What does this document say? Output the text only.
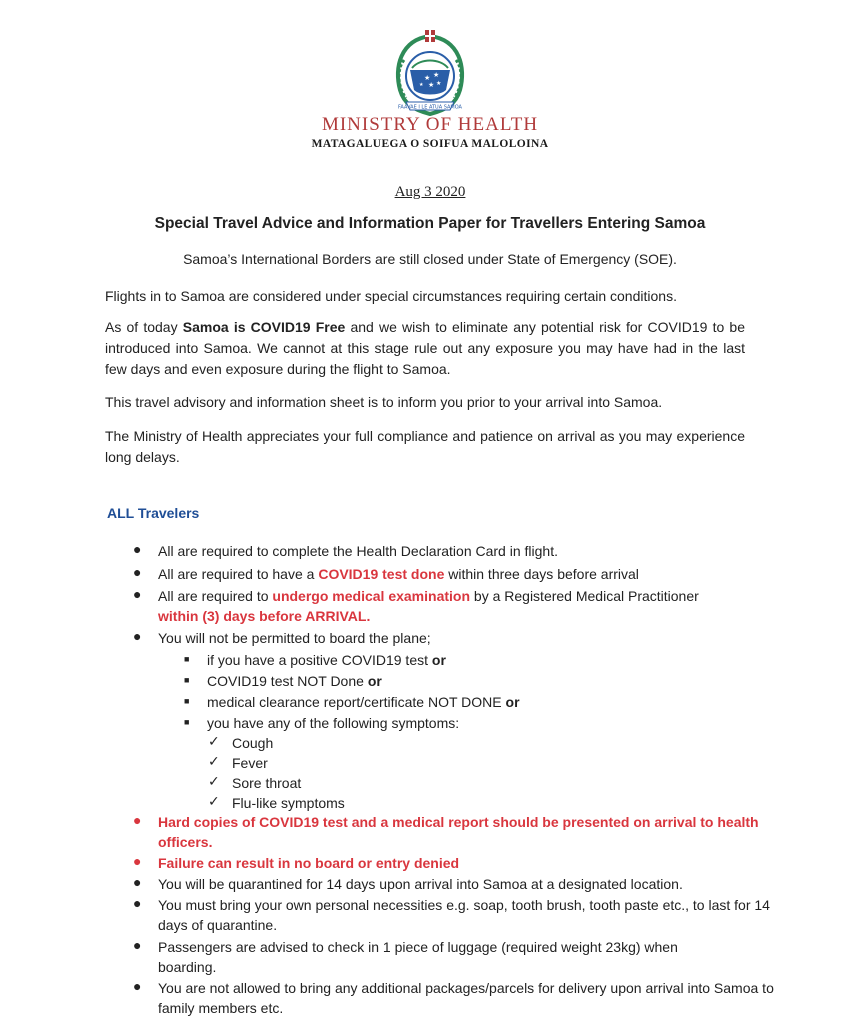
★ ★
★ ★
★
FAAVAE I LE ATUA SAMOA
MINISTRY OF HEALTH
MATAGALUEGA O SOIFUA MALOLOINA
Aug 3 2020
Special Travel Advice and Information Paper for Travellers Entering Samoa
Samoa’s International Borders are still closed under State of Emergency (SOE).

Flights in to Samoa are considered under special circumstances requiring certain conditions.

As of today Samoa is COVID19 Free and we wish to eliminate any potential risk for COVID19 to be introduced into Samoa. We cannot at this stage rule out any exposure you may have had in the last few days and even exposure during the flight to Samoa.

This travel advisory and information sheet is to inform you prior to your arrival into Samoa.

The Ministry of Health appreciates your full compliance and patience on arrival as you may experience long delays.

ALL Travelers
● All are required to complete the Health Declaration Card in flight.
● All are required to have a COVID19 test done within three days before arrival
● All are required to undergo medical examination by a Registered Medical Practitioner
within (3) days before ARRIVAL.
● You will not be permitted to board the plane;
■ if you have a positive COVID19 test or
■ COVID19 test NOT Done or
■ medical clearance report/certificate NOT DONE or
■ you have any of the following symptoms:
✓ Cough
✓ Fever
✓ Sore throat
✓ Flu-like symptoms
● Hard copies of COVID19 test and a medical report should be presented on arrival to health officers.
● Failure can result in no board or entry denied
● You will be quarantined for 14 days upon arrival into Samoa at a designated location.
● You must bring your own personal necessities e.g. soap, tooth brush, tooth paste etc., to last for 14 days of quarantine.
● Passengers are advised to check in 1 piece of luggage (required weight 23kg) when boarding.
● You are not allowed to bring any additional packages/parcels for delivery upon arrival into Samoa to family members etc.
